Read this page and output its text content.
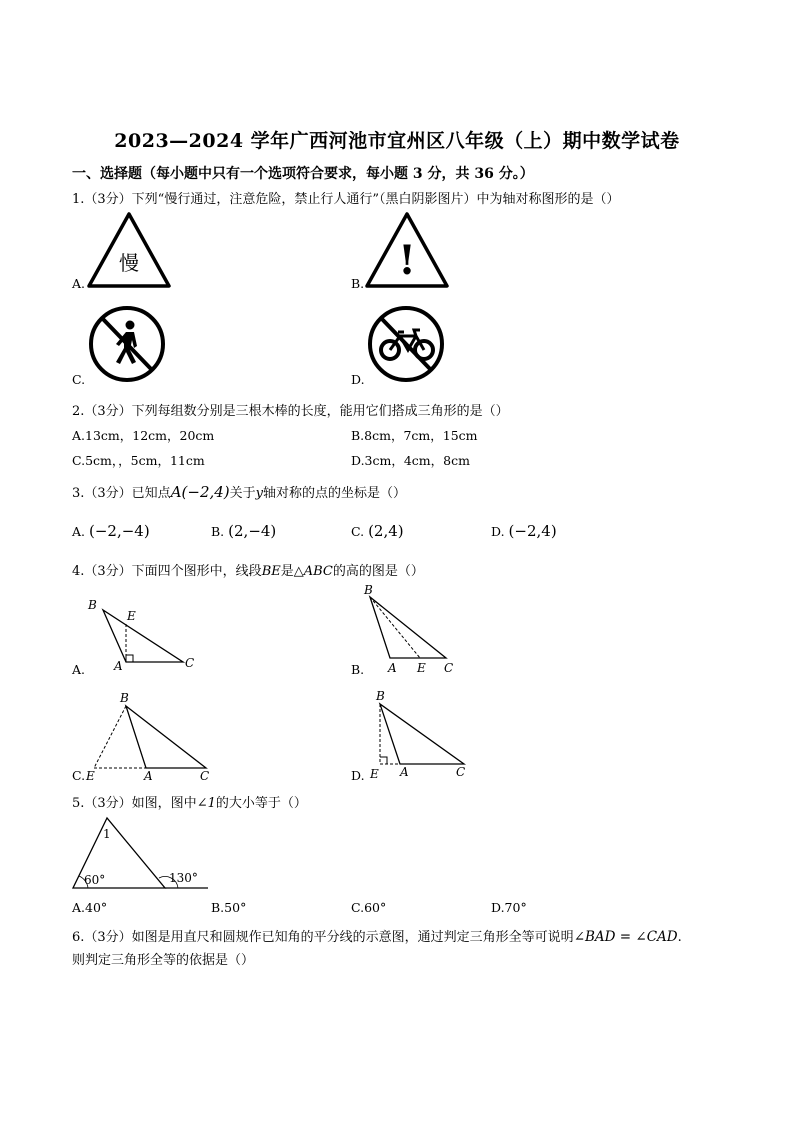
2023—2024 学年广西河池市宜州区八年级（上）期中数学试卷
一、选择题（每小题中只有一个选项符合要求，每小题 3 分，共 36 分。）
1.（3分）下列“慢行通过，注意危险，禁止行人通行”（黑白阴影图片）中为轴对称图形的是（）
慢
A.	!
B.
C.	D.
2.（3分）下列每组数分别是三根木棒的长度，能用它们搭成三角形的是（）
A.13cm，12cm，20cm	B.8cm，7cm，15cm
C.5cm，，5cm，11cm	D.3cm，4cm，8cm
3.（3分）已知点A(−2,4)关于y轴对称的点的坐标是（）
A. (−2,−4)	B. (2,−4)	C. (2,4)	D. (−2,4)
4.（3分）下面四个图形中，线段BE是△ABC的高的图是（）
B
E
A	C
A.
B
A E C
B.
B
E	A	C
C.
B
E A	C
D.
5.（3分）如图，图中∠1的大小等于（）
1
60°	130°
A.40°	B.50°	C.60°	D.70°
6.（3分）如图是用直尺和圆规作已知角的平分线的示意图，通过判定三角形全等可说明∠BAD = ∠CAD.
则判定三角形全等的依据是（）
